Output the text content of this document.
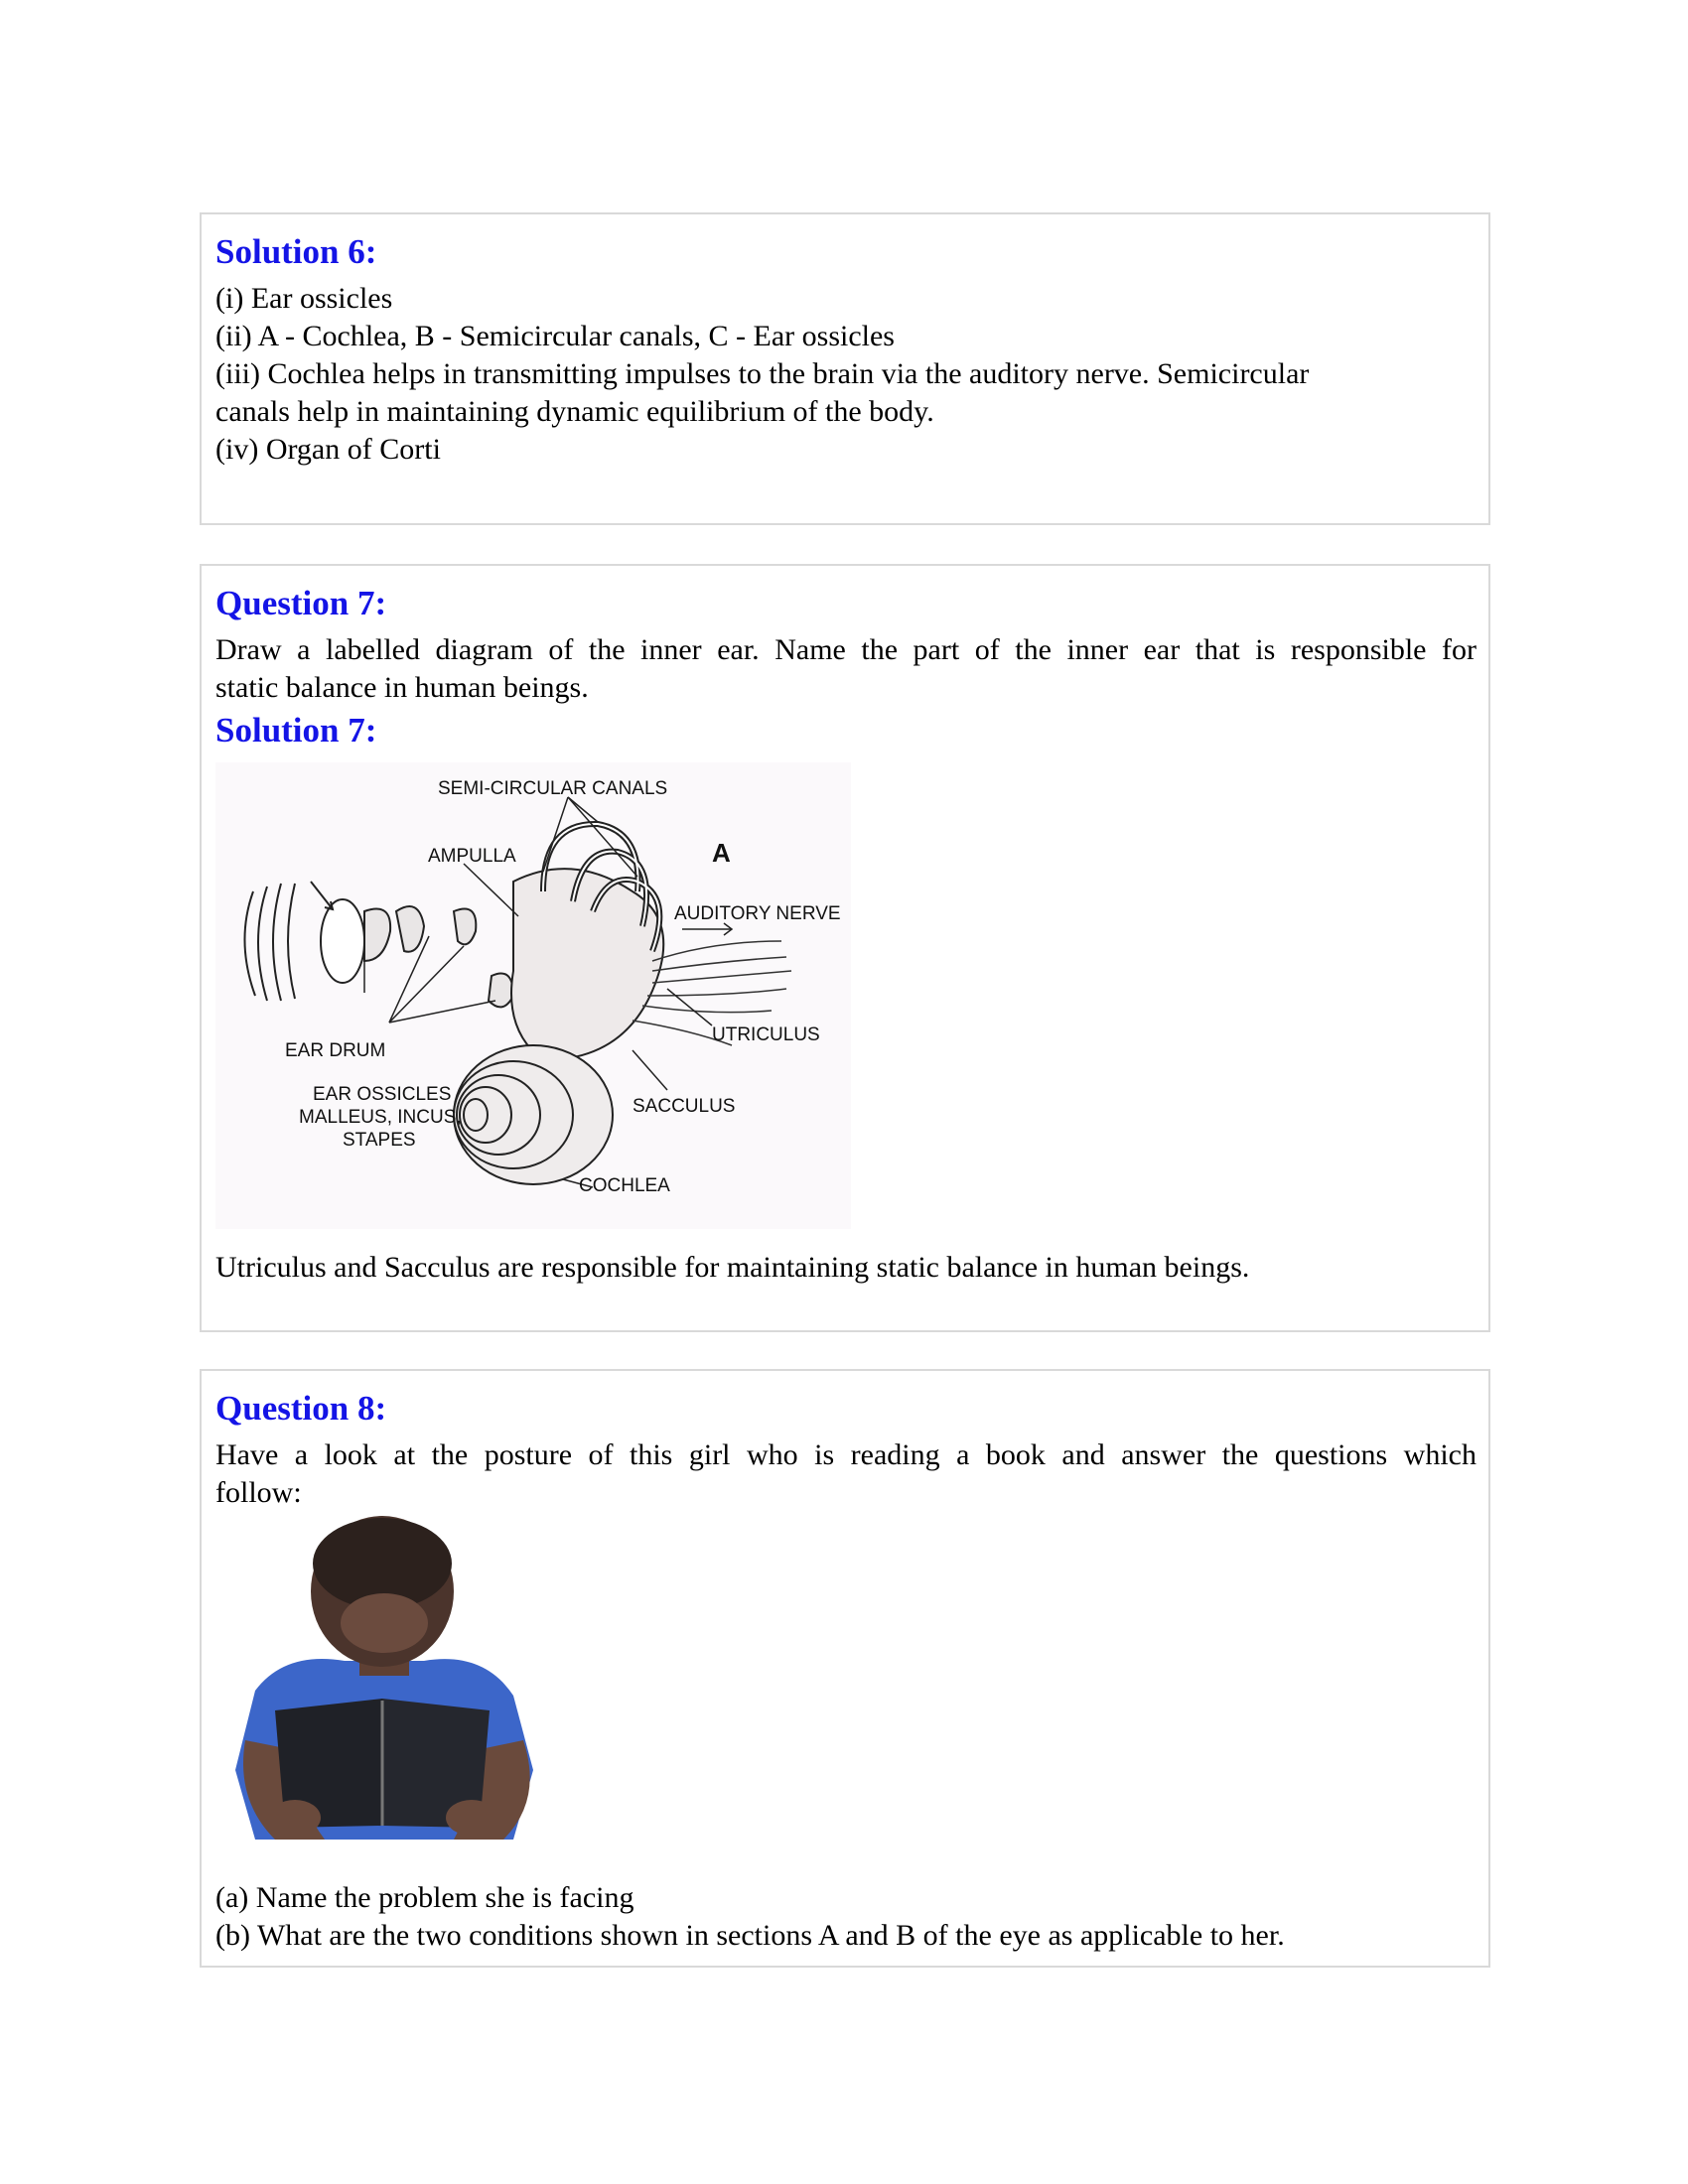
Solution 6:
(i) Ear ossicles
(ii) A - Cochlea, B - Semicircular canals, C - Ear ossicles
(iii) Cochlea helps in transmitting impulses to the brain via the auditory nerve. Semicircular
canals help in maintaining dynamic equilibrium of the body.
(iv) Organ of Corti
Question 7:
Draw a labelled diagram of the inner ear. Name the part of the inner ear that is responsible for
static balance in human beings.
Solution 7:
SEMI-CIRCULAR CANALS
A
AMPULLA
AUDITORY NERVE
UTRICULUS
EAR DRUM
EAR OSSICLES
MALLEUS, INCUS,
STAPES
SACCULUS
COCHLEA
Utriculus and Sacculus are responsible for maintaining static balance in human beings.
Question 8:
Have a look at the posture of this girl who is reading a book and answer the questions which
follow:
(a) Name the problem she is facing
(b) What are the two conditions shown in sections A and B of the eye as applicable to her.
